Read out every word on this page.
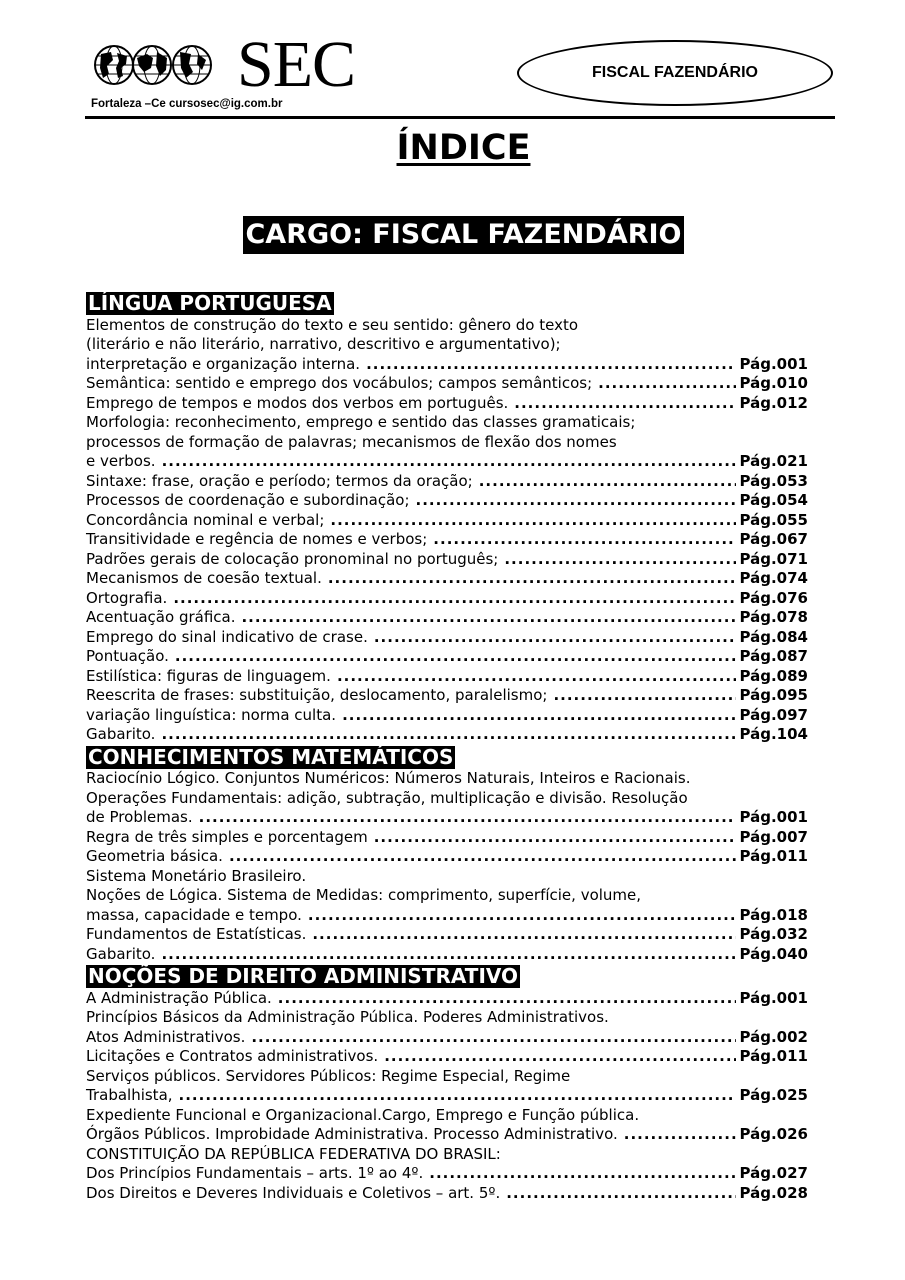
SEC
Fortaleza –Ce cursosec@ig.com.br
FISCAL FAZENDÁRIO
ÍNDICE
CARGO: FISCAL FAZENDÁRIO
LÍNGUA PORTUGUESA
Elementos de construção do texto e seu sentido: gênero do texto
(literário e não literário, narrativo, descritivo e argumentativo);
interpretação e organização interna. .....	Pág.001
Semântica: sentido e emprego dos vocábulos; campos semânticos; .....	Pág.010
Emprego de tempos e modos dos verbos em português. .....	Pág.012
Morfologia: reconhecimento, emprego e sentido das classes gramaticais;
processos de formação de palavras; mecanismos de flexão dos nomes
e verbos. .....	Pág.021
Sintaxe: frase, oração e período; termos da oração; .....	Pág.053
Processos de coordenação e subordinação; .....	Pág.054
Concordância nominal e verbal; .....	Pág.055
Transitividade e regência de nomes e verbos; .....	Pág.067
Padrões gerais de colocação pronominal no português; .....	Pág.071
Mecanismos de coesão textual. .....	Pág.074
Ortografia. .....	Pág.076
Acentuação gráfica. .....	Pág.078
Emprego do sinal indicativo de crase. .....	Pág.084
Pontuação. .....	Pág.087
Estilística: figuras de linguagem. .....	Pág.089
Reescrita de frases: substituição, deslocamento, paralelismo; .....	Pág.095
variação linguística: norma culta. .....	Pág.097
Gabarito. .....	Pág.104
CONHECIMENTOS MATEMÁTICOS
Raciocínio Lógico. Conjuntos Numéricos: Números Naturais, Inteiros e Racionais.
Operações Fundamentais: adição, subtração, multiplicação e divisão. Resolução
de Problemas. .....	Pág.001
Regra de três simples e porcentagem .....	Pág.007
Geometria básica. .....	Pág.011
Sistema Monetário Brasileiro.
Noções de Lógica. Sistema de Medidas: comprimento, superfície, volume,
massa, capacidade e tempo. .....	Pág.018
Fundamentos de Estatísticas. .....	Pág.032
Gabarito. .....	Pág.040
NOÇÕES DE DIREITO ADMINISTRATIVO
A Administração Pública. .....	Pág.001
Princípios Básicos da Administração Pública. Poderes Administrativos.
Atos Administrativos. .....	Pág.002
Licitações e Contratos administrativos. .....	Pág.011
Serviços públicos. Servidores Públicos: Regime Especial, Regime
Trabalhista, .....	Pág.025
Expediente Funcional e Organizacional.Cargo, Emprego e Função pública.
Órgãos Públicos. Improbidade Administrativa. Processo Administrativo. .....	Pág.026
CONSTITUIÇÃO DA REPÚBLICA FEDERATIVA DO BRASIL:
Dos Princípios Fundamentais – arts. 1º ao 4º. .....	Pág.027
Dos Direitos e Deveres Individuais e Coletivos – art. 5º. .....	Pág.028
